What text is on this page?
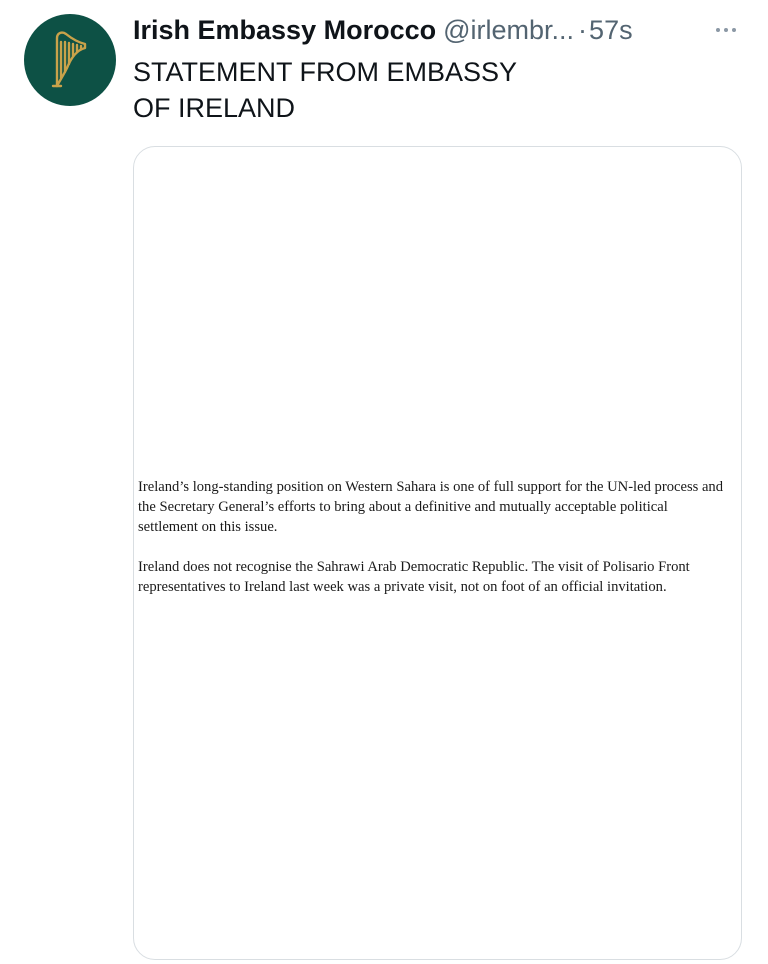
Irish Embassy Morocco @irlembr... · 57s
STATEMENT FROM EMBASSY
OF IRELAND

Ireland’s long-standing position on Western Sahara is one of full support for the UN-led process and the Secretary General’s efforts to bring about a definitive and mutually acceptable political settlement on this issue.

Ireland does not recognise the Sahrawi Arab Democratic Republic. The visit of Polisario Front representatives to Ireland last week was a private visit, not on foot of an official invitation.
